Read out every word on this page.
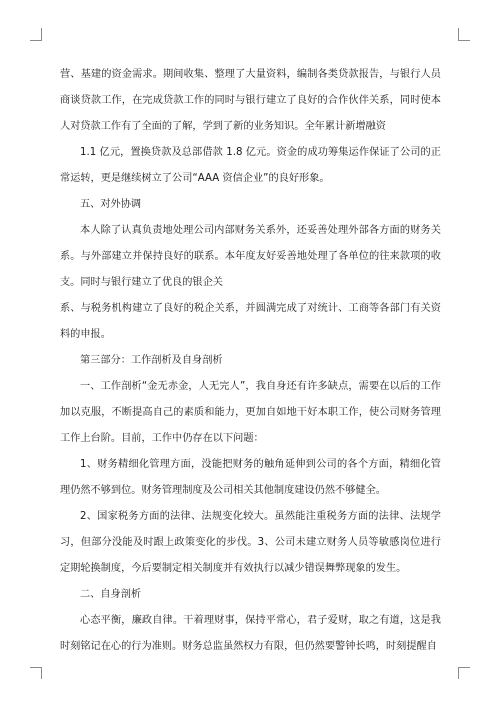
营、基建的资金需求。期间收集、整理了大量资料，编制各类贷款报告，与银行人员商谈贷款工作，在完成贷款工作的同时与银行建立了良好的合作伙伴关系，同时使本人对贷款工作有了全面的了解，学到了新的业务知识。全年累计新增融资

1.1 亿元，置换贷款及总部借款 1.8 亿元。资金的成功筹集运作保证了公司的正常运转，更是继续树立了公司“AAA 资信企业”的良好形象。

五、对外协调

本人除了认真负责地处理公司内部财务关系外，还妥善处理外部各方面的财务关系。与外部建立并保持良好的联系。本年度友好妥善地处理了各单位的往来款项的收支。同时与银行建立了优良的银企关

系、与税务机构建立了良好的税企关系，并圆满完成了对统计、工商等各部门有关资料的申报。

第三部分：工作剖析及自身剖析

一、工作剖析“金无赤金，人无完人”，我自身还有许多缺点，需要在以后的工作加以克服，不断提高自己的素质和能力，更加自如地干好本职工作，使公司财务管理工作上台阶。目前，工作中仍存在以下问题：

1、财务精细化管理方面，没能把财务的触角延伸到公司的各个方面，精细化管理仍然不够到位。财务管理制度及公司相关其他制度建设仍然不够健全。

2、国家税务方面的法律、法规变化较大。虽然能注重税务方面的法律、法规学习，但部分没能及时跟上政策变化的步伐。3、公司未建立财务人员等敏感岗位进行定期轮换制度，今后要制定相关制度并有效执行以减少错误舞弊现象的发生。

二、自身剖析

心态平衡，廉政自律。干着理财事，保持平常心，君子爱财，取之有道，这是我时刻铭记在心的行为准则。财务总监虽然权力有限，但仍然要警钟长鸣，时刻提醒自
